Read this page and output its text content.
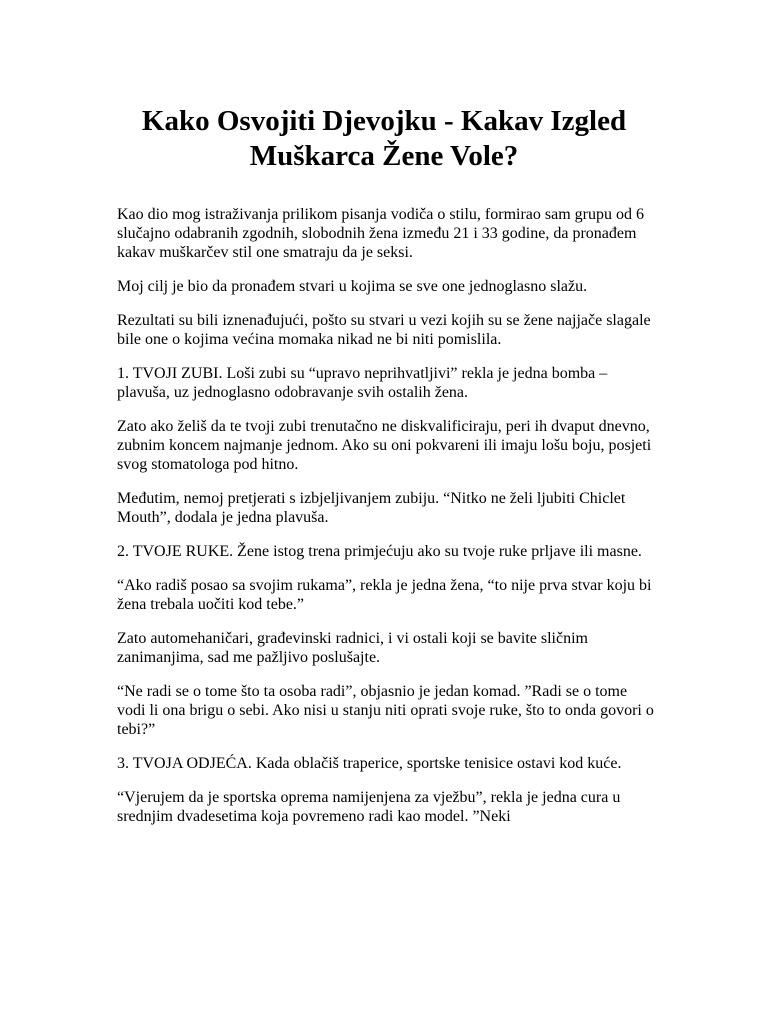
Kako Osvojiti Djevojku - Kakav Izgled Muškarca Žene Vole?

Kao dio mog istraživanja prilikom pisanja vodiča o stilu, formirao sam grupu od 6 slučajno odabranih zgodnih, slobodnih žena između 21 i 33 godine, da pronađem kakav muškarčev stil one smatraju da je seksi.

Moj cilj je bio da pronađem stvari u kojima se sve one jednoglasno slažu.

Rezultati su bili iznenađujući, pošto su stvari u vezi kojih su se žene najjače slagale bile one o kojima većina momaka nikad ne bi niti pomislila.

1. TVOJI ZUBI. Loši zubi su “upravo neprihvatljivi” rekla je jedna bomba – plavuša, uz jednoglasno odobravanje svih ostalih žena.

Zato ako želiš da te tvoji zubi trenutačno ne diskvalificiraju, peri ih dvaput dnevno, zubnim koncem najmanje jednom. Ako su oni pokvareni ili imaju lošu boju, posjeti svog stomatologa pod hitno.

Međutim, nemoj pretjerati s izbjeljivanjem zubiju. “Nitko ne želi ljubiti Chiclet Mouth”, dodala je jedna plavuša.

2. TVOJE RUKE. Žene istog trena primjećuju ako su tvoje ruke prljave ili masne.

“Ako radiš posao sa svojim rukama”, rekla je jedna žena, “to nije prva stvar koju bi žena trebala uočiti kod tebe.”

Zato automehaničari, građevinski radnici, i vi ostali koji se bavite sličnim zanimanjima, sad me pažljivo poslušajte.

“Ne radi se o tome što ta osoba radi”, objasnio je jedan komad. ”Radi se o tome vodi li ona brigu o sebi. Ako nisi u stanju niti oprati svoje ruke, što to onda govori o tebi?”

3. TVOJA ODJEĆA. Kada oblačiš traperice, sportske tenisice ostavi kod kuće.

“Vjerujem da je sportska oprema namijenjena za vježbu”, rekla je jedna cura u srednjim dvadesetima koja povremeno radi kao model. ”Neki
